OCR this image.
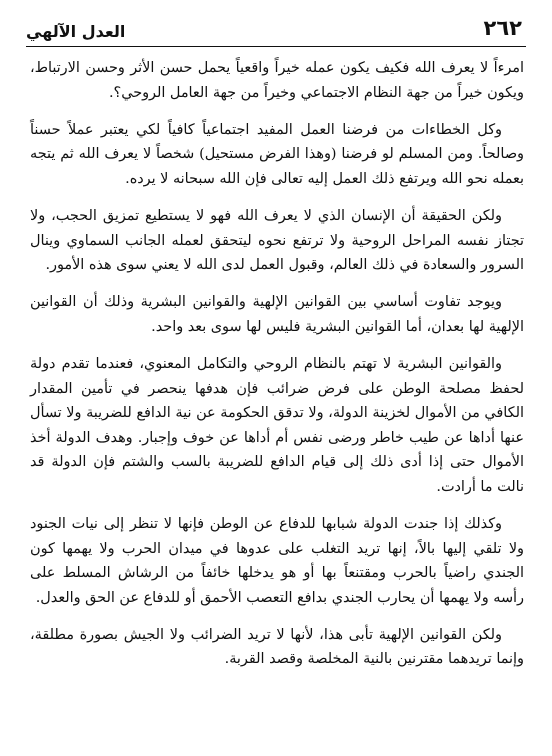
٢٦٢
العدل الآلهي

امرءاً لا يعرف الله فكيف يكون عمله خيراً واقعياً يحمل حسن الأثر وحسن الارتباط، ويكون خيراً من جهة النظام الاجتماعي وخيراً من جهة العامل الروحي؟.

وكل الخطاءات من فرضنا العمل المفيد اجتماعياً كافياً لكي يعتبر عملاً حسناً وصالحاً. ومن المسلم لو فرضنا (وهذا الفرض مستحيل) شخصاً لا يعرف الله ثم يتجه بعمله نحو الله ويرتفع ذلك العمل إليه تعالى فإن الله سبحانه لا يرده.

ولكن الحقيقة أن الإنسان الذي لا يعرف الله فهو لا يستطيع تمزيق الحجب، ولا تجتاز نفسه المراحل الروحية ولا ترتفع نحوه ليتحقق لعمله الجانب السماوي وينال السرور والسعادة في ذلك العالم، وقبول العمل لدى الله لا يعني سوى هذه الأمور.

ويوجد تفاوت أساسي بين القوانين الإلهية والقوانين البشرية وذلك أن القوانين الإلهية لها بعدان، أما القوانين البشرية فليس لها سوى بعد واحد.

والقوانين البشرية لا تهتم بالنظام الروحي والتكامل المعنوي، فعندما تقدم دولة لحفظ مصلحة الوطن على فرض ضرائب فإن هدفها ينحصر في تأمين المقدار الكافي من الأموال لخزينة الدولة، ولا تدقق الحكومة عن نية الدافع للضريبة ولا تسأل عنها أداها عن طيب خاطر ورضى نفس أم أداها عن خوف وإجبار. وهدف الدولة أخذ الأموال حتى إذا أدى ذلك إلى قيام الدافع للضريبة بالسب والشتم فإن الدولة قد نالت ما أرادت.

وكذلك إذا جندت الدولة شبابها للدفاع عن الوطن فإنها لا تنظر إلى نيات الجنود ولا تلقي إليها بالاً، إنها تريد التغلب على عدوها في ميدان الحرب ولا يهمها كون الجندي راضياً بالحرب ومقتنعاً بها أو هو يدخلها خائفاً من الرشاش المسلط على رأسه ولا يهمها أن يحارب الجندي بدافع التعصب الأحمق أو للدفاع عن الحق والعدل.

ولكن القوانين الإلهية تأبى هذا، لأنها لا تريد الضرائب ولا الجيش بصورة مطلقة، وإنما تريدهما مقترنين بالنية المخلصة وقصد القربة.
